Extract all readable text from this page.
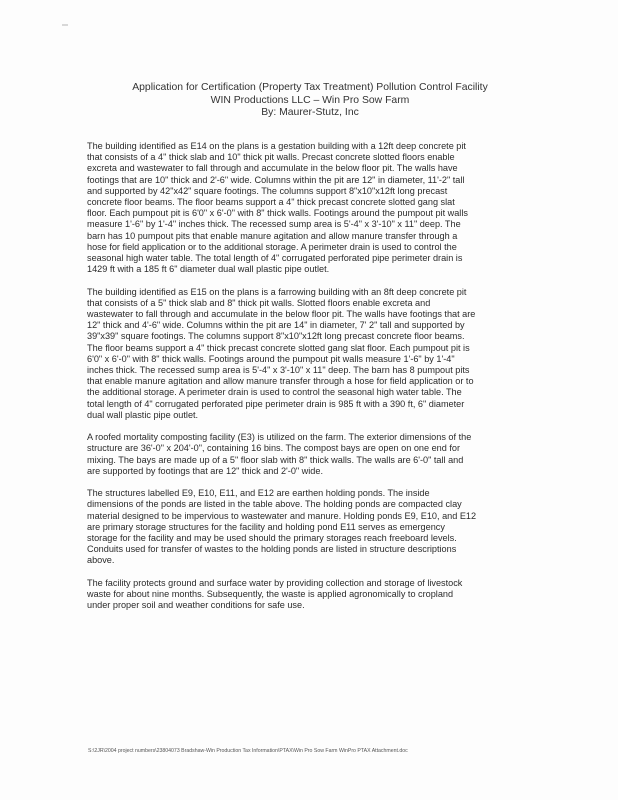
Application for Certification (Property Tax Treatment) Pollution Control Facility
WIN Productions LLC – Win Pro Sow Farm
By: Maurer-Stutz, Inc
The building identified as E14 on the plans is a gestation building with a 12ft deep concrete pit
that consists of a 4" thick slab and 10" thick pit walls. Precast concrete slotted floors enable
excreta and wastewater to fall through and accumulate in the below floor pit. The walls have
footings that are 10" thick and 2'-6" wide. Columns within the pit are 12" in diameter, 11'-2" tall
and supported by 42"x42" square footings. The columns support 8"x10"x12ft long precast
concrete floor beams. The floor beams support a 4" thick precast concrete slotted gang slat
floor. Each pumpout pit is 6'0" x 6'-0" with 8" thick walls. Footings around the pumpout pit walls
measure 1'-6" by 1'-4" inches thick. The recessed sump area is 5'-4" x 3'-10" x 11" deep. The
barn has 10 pumpout pits that enable manure agitation and allow manure transfer through a
hose for field application or to the additional storage. A perimeter drain is used to control the
seasonal high water table. The total length of 4" corrugated perforated pipe perimeter drain is
1429 ft with a 185 ft 6" diameter dual wall plastic pipe outlet.
The building identified as E15 on the plans is a farrowing building with an 8ft deep concrete pit
that consists of a 5" thick slab and 8" thick pit walls. Slotted floors enable excreta and
wastewater to fall through and accumulate in the below floor pit. The walls have footings that are
12" thick and 4'-6" wide. Columns within the pit are 14" in diameter, 7' 2" tall and supported by
39"x39" square footings. The columns support 8"x10"x12ft long precast concrete floor beams.
The floor beams support a 4" thick precast concrete slotted gang slat floor. Each pumpout pit is
6'0" x 6'-0" with 8" thick walls. Footings around the pumpout pit walls measure 1'-6" by 1'-4"
inches thick. The recessed sump area is 5'-4" x 3'-10" x 11" deep. The barn has 8 pumpout pits
that enable manure agitation and allow manure transfer through a hose for field application or to
the additional storage. A perimeter drain is used to control the seasonal high water table. The
total length of 4" corrugated perforated pipe perimeter drain is 985 ft with a 390 ft, 6" diameter
dual wall plastic pipe outlet.
A roofed mortality composting facility (E3) is utilized on the farm. The exterior dimensions of the
structure are 36'-0" x 204'-0", containing 16 bins. The compost bays are open on one end for
mixing. The bays are made up of a 5" floor slab with 8" thick walls. The walls are 6'-0" tall and
are supported by footings that are 12" thick and 2'-0" wide.
The structures labelled E9, E10, E11, and E12 are earthen holding ponds. The inside
dimensions of the ponds are listed in the table above. The holding ponds are compacted clay
material designed to be impervious to wastewater and manure. Holding ponds E9, E10, and E12
are primary storage structures for the facility and holding pond E11 serves as emergency
storage for the facility and may be used should the primary storages reach freeboard levels.
Conduits used for transfer of wastes to the holding ponds are listed in structure descriptions
above.
The facility protects ground and surface water by providing collection and storage of livestock
waste for about nine months. Subsequently, the waste is applied agronomically to cropland
under proper soil and weather conditions for safe use.
S:\2JR\2004 project numbers\23804073 Bradshaw-Win Production Tax Information\PTAX\Win Pro Sow Farm WinPro PTAX Attachment.doc
